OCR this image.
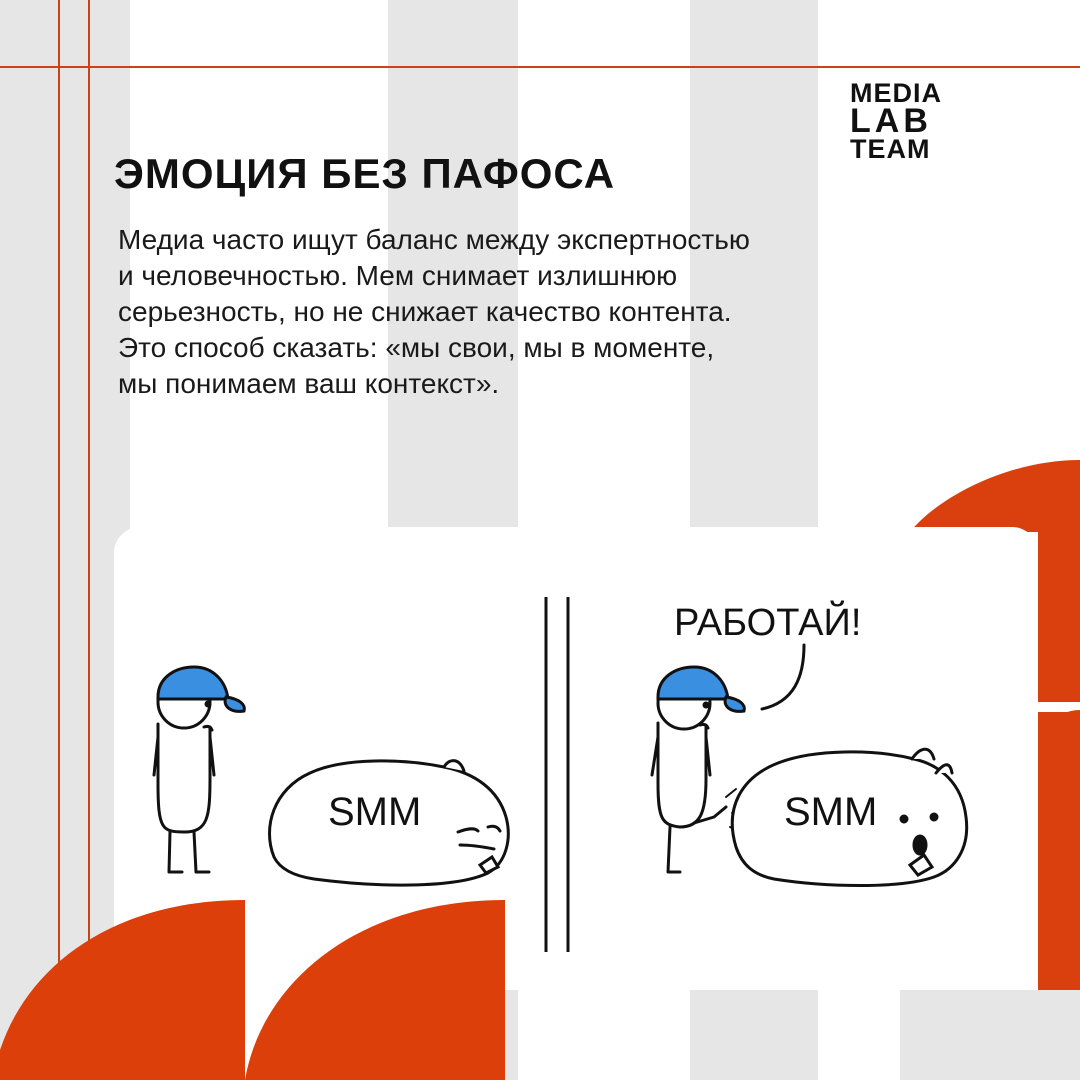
MEDIA
LAB
TEAM
ЭМОЦИЯ БЕЗ ПАФОСА
Медиа часто ищут баланс между экспертностью
и человечностью. Мем снимает излишнюю
серьезность, но не снижает качество контента.
Это способ сказать: «мы свои, мы в моменте,
мы понимаем ваш контекст».
SMM
РАБОТАЙ!
SMM
